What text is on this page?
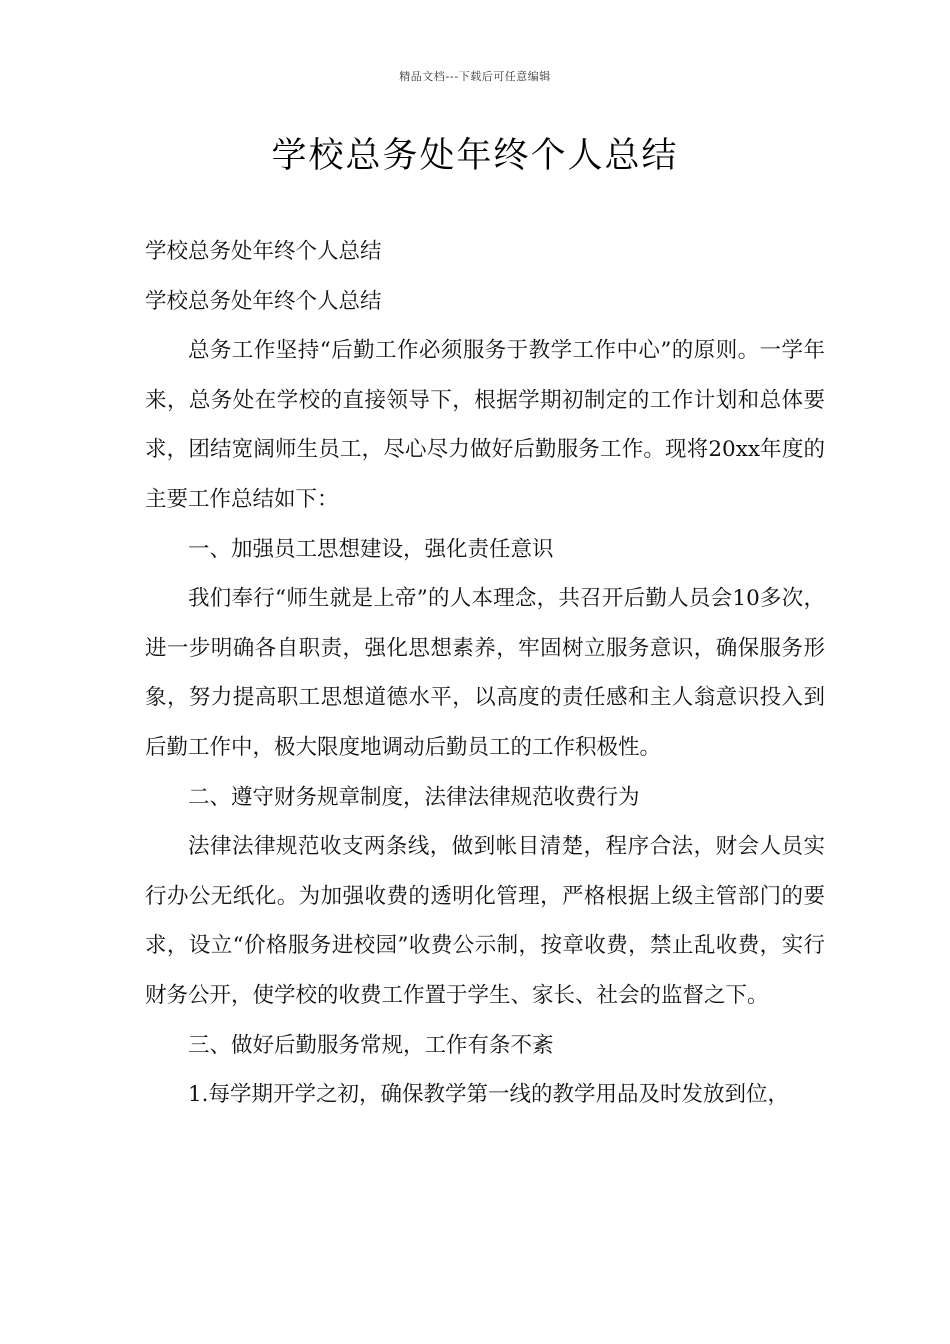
精品文档---下载后可任意编辑
学校总务处年终个人总结

学校总务处年终个人总结

学校总务处年终个人总结

总务工作坚持“后勤工作必须服务于教学工作中心”的原则。一学年来，总务处在学校的直接领导下，根据学期初制定的工作计划和总体要求，团结宽阔师生员工，尽心尽力做好后勤服务工作。现将20xx年度的主要工作总结如下：

一、加强员工思想建设，强化责任意识

我们奉行“师生就是上帝”的人本理念，共召开后勤人员会10多次，进一步明确各自职责，强化思想素养，牢固树立服务意识，确保服务形象，努力提高职工思想道德水平，以高度的责任感和主人翁意识投入到后勤工作中，极大限度地调动后勤员工的工作积极性。

二、遵守财务规章制度，法律法律规范收费行为

法律法律规范收支两条线，做到帐目清楚，程序合法，财会人员实行办公无纸化。为加强收费的透明化管理，严格根据上级主管部门的要求，设立“价格服务进校园”收费公示制，按章收费，禁止乱收费，实行财务公开，使学校的收费工作置于学生、家长、社会的监督之下。

三、做好后勤服务常规，工作有条不紊

1.每学期开学之初，确保教学第一线的教学用品及时发放到位，
